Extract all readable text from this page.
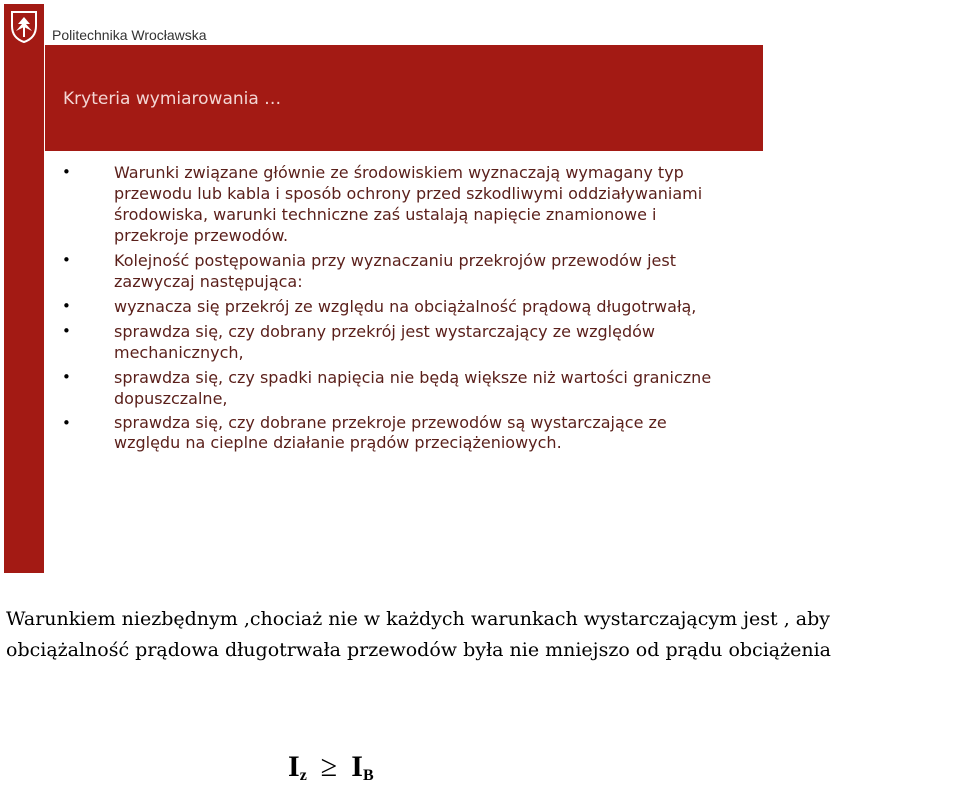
Politechnika Wrocławska
Kryteria wymiarowania …
• Warunki związane głównie ze środowiskiem wyznaczają wymagany typ przewodu lub kabla i sposób ochrony przed szkodliwymi oddziaływaniami środowiska, warunki techniczne zaś ustalają napięcie znamionowe i przekroje przewodów.
• Kolejność postępowania przy wyznaczaniu przekrojów przewodów jest zazwyczaj następująca:
• wyznacza się przekrój ze względu na obciążalność prądową długotrwałą,
• sprawdza się, czy dobrany przekrój jest wystarczający ze względów mechanicznych,
• sprawdza się, czy spadki napięcia nie będą większe niż wartości graniczne dopuszczalne,
• sprawdza się, czy dobrane przekroje przewodów są wystarczające ze względu na cieplne działanie prądów przeciążeniowych.
Warunkiem niezbędnym ,chociaż nie w każdych warunkach wystarczającym jest , aby
obciążalność prądowa długotrwała przewodów była nie mniejszo od prądu obciążenia
$I_z \ge I_B$
